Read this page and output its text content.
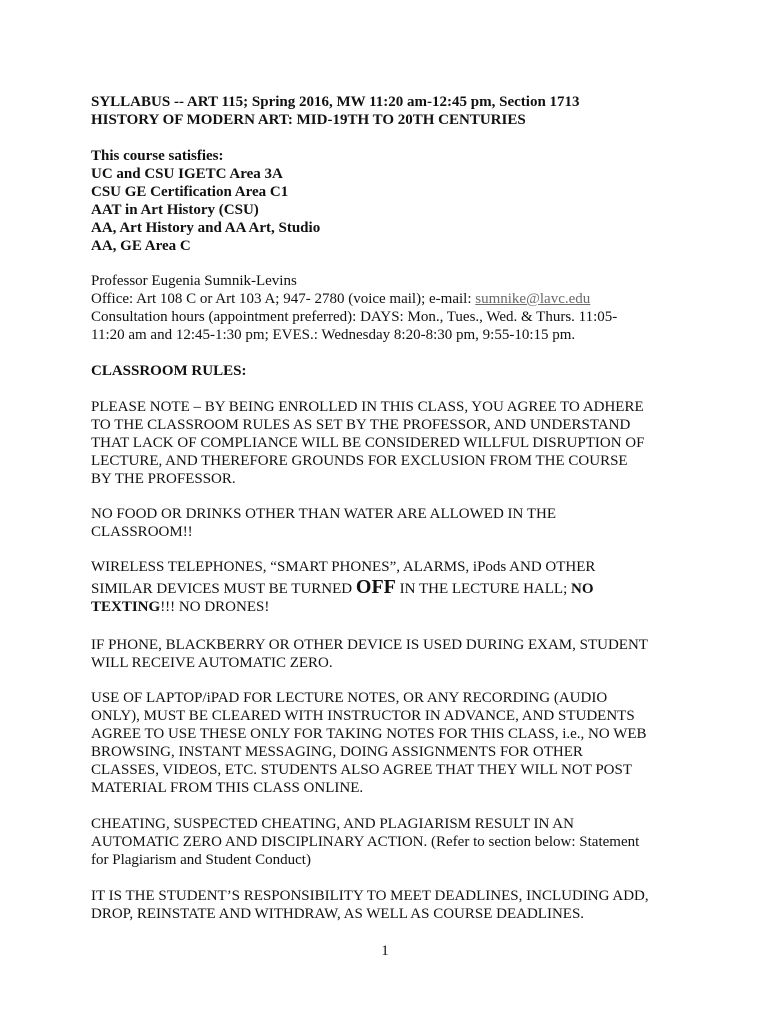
SYLLABUS -- ART 115; Spring 2016, MW 11:20 am-12:45 pm, Section 1713
HISTORY OF MODERN ART: MID-19TH TO 20TH CENTURIES
This course satisfies:
UC and CSU IGETC Area 3A
CSU GE Certification Area C1
AAT in Art History (CSU)
AA, Art History and AA Art, Studio
AA, GE Area C
Professor Eugenia Sumnik-Levins
Office: Art 108 C or Art 103 A; 947- 2780 (voice mail); e-mail: sumnike@lavc.edu
Consultation hours (appointment preferred): DAYS: Mon., Tues., Wed. & Thurs. 11:05-
11:20 am and 12:45-1:30 pm; EVES.: Wednesday 8:20-8:30 pm, 9:55-10:15 pm.
CLASSROOM RULES:
PLEASE NOTE – BY BEING ENROLLED IN THIS CLASS, YOU AGREE TO ADHERE
TO THE CLASSROOM RULES AS SET BY THE PROFESSOR, AND UNDERSTAND
THAT LACK OF COMPLIANCE WILL BE CONSIDERED WILLFUL DISRUPTION OF
LECTURE, AND THEREFORE GROUNDS FOR EXCLUSION FROM THE COURSE
BY THE PROFESSOR.
NO FOOD OR DRINKS OTHER THAN WATER ARE ALLOWED IN THE
CLASSROOM!!
WIRELESS TELEPHONES, “SMART PHONES”, ALARMS, iPods AND OTHER
SIMILAR DEVICES MUST BE TURNED OFF IN THE LECTURE HALL; NO
TEXTING!!! NO DRONES!
IF PHONE, BLACKBERRY OR OTHER DEVICE IS USED DURING EXAM, STUDENT
WILL RECEIVE AUTOMATIC ZERO.
USE OF LAPTOP/iPAD FOR LECTURE NOTES, OR ANY RECORDING (AUDIO
ONLY), MUST BE CLEARED WITH INSTRUCTOR IN ADVANCE, AND STUDENTS
AGREE TO USE THESE ONLY FOR TAKING NOTES FOR THIS CLASS, i.e., NO WEB
BROWSING, INSTANT MESSAGING, DOING ASSIGNMENTS FOR OTHER
CLASSES, VIDEOS, ETC. STUDENTS ALSO AGREE THAT THEY WILL NOT POST
MATERIAL FROM THIS CLASS ONLINE.
CHEATING, SUSPECTED CHEATING, AND PLAGIARISM RESULT IN AN
AUTOMATIC ZERO AND DISCIPLINARY ACTION. (Refer to section below: Statement
for Plagiarism and Student Conduct)
IT IS THE STUDENT’S RESPONSIBILITY TO MEET DEADLINES, INCLUDING ADD,
DROP, REINSTATE AND WITHDRAW, AS WELL AS COURSE DEADLINES.
1
